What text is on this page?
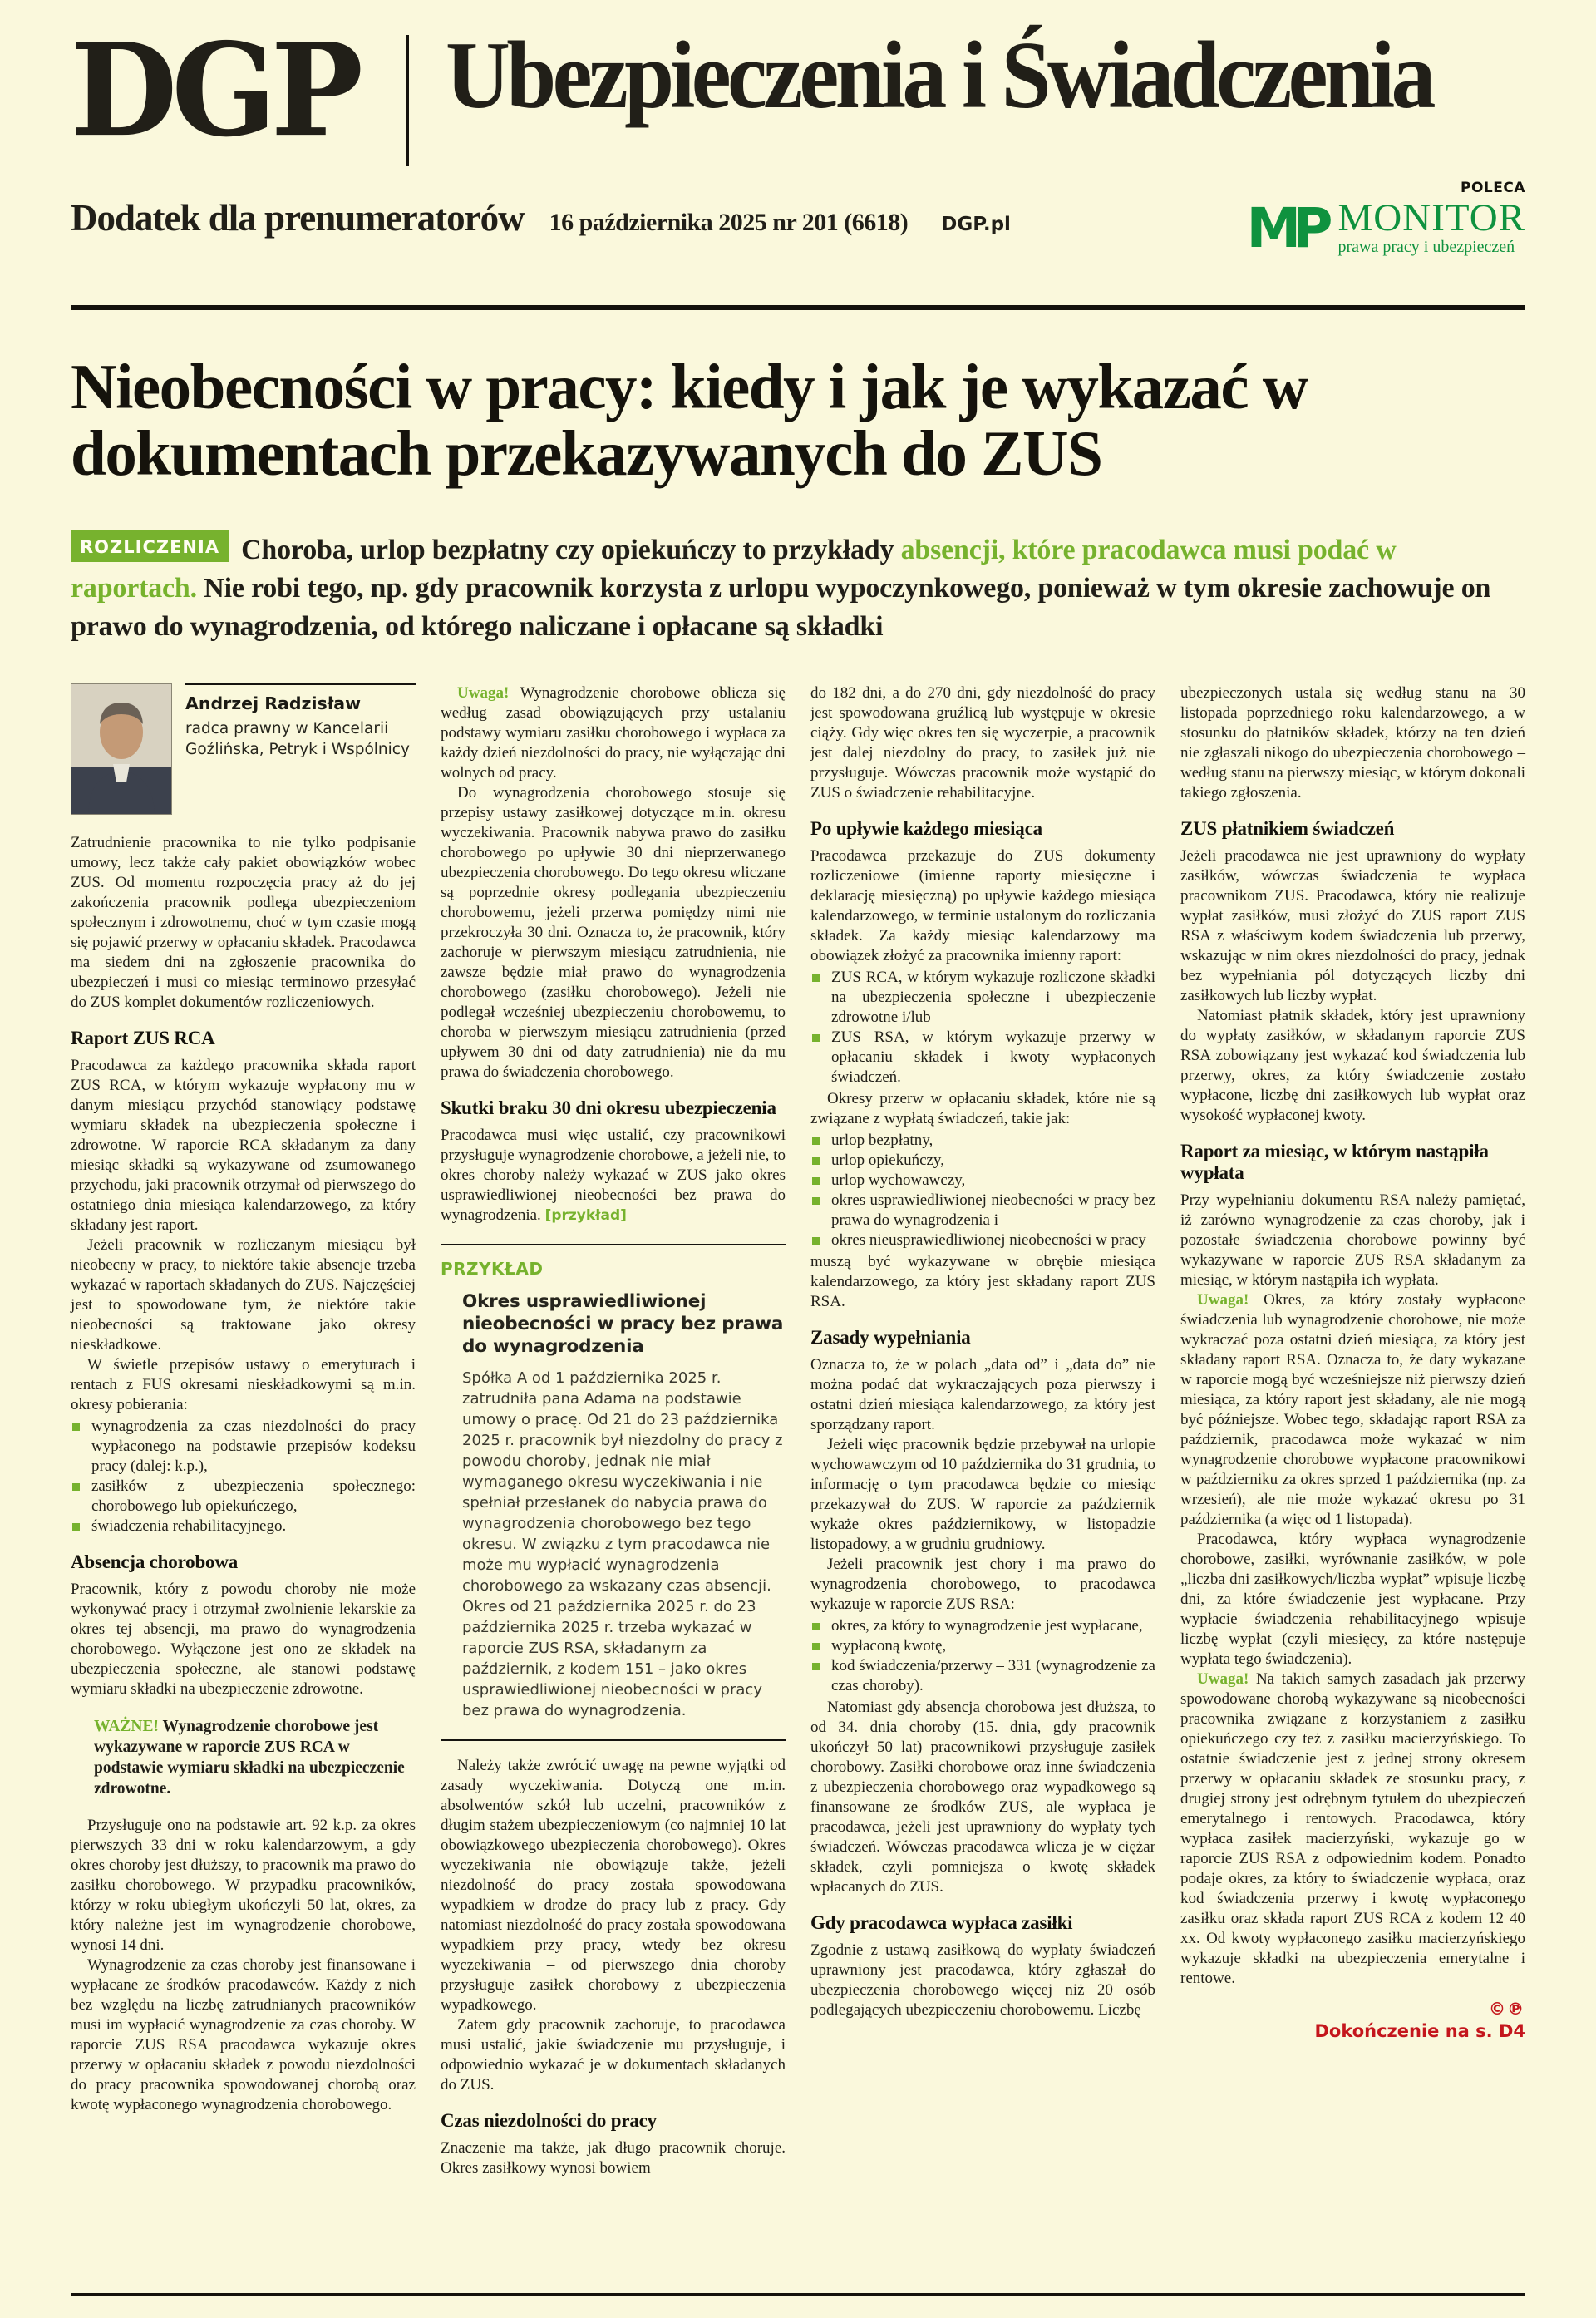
DGP Ubezpieczenia i Świadczenia
Dodatek dla prenumeratorów 16 października 2025 nr 201 (6618) DGP.pl
POLECA
MP MONITOR
prawa pracy i ubezpieczeń
Nieobecności w pracy: kiedy i jak je wykazać w dokumentach przekazywanych do ZUS

ROZLICZENIA Choroba, urlop bezpłatny czy opiekuńczy to przykłady absencji, które pracodawca musi podać w raportach. Nie robi tego, np. gdy pracownik korzysta z urlopu wypoczynkowego, ponieważ w tym okresie zachowuje on prawo do wynagrodzenia, od którego naliczane i opłacane są składki

Andrzej Radzisław
radca prawny w Kancelarii Goźlińska, Petryk i Wspólnicy

Zatrudnienie pracownika to nie tylko podpisanie umowy, lecz także cały pakiet obowiązków wobec ZUS. Od momentu rozpoczęcia pracy aż do jej zakończenia pracownik podlega ubezpieczeniom społecznym i zdrowotnemu, choć w tym czasie mogą się pojawić przerwy w opłacaniu składek. Pracodawca ma siedem dni na zgłoszenie pracownika do ubezpieczeń i musi co miesiąc terminowo przesyłać do ZUS komplet dokumentów rozliczeniowych.

Raport ZUS RCA

Pracodawca za każdego pracownika składa raport ZUS RCA, w którym wykazuje wypłacony mu w danym miesiącu przychód stanowiący podstawę wymiaru składek na ubezpieczenia społeczne i zdrowotne. W raporcie RCA składanym za dany miesiąc składki są wykazywane od zsumowanego przychodu, jaki pracownik otrzymał od pierwszego do ostatniego dnia miesiąca kalendarzowego, za który składany jest raport.

Jeżeli pracownik w rozliczanym miesiącu był nieobecny w pracy, to niektóre takie absencje trzeba wykazać w raportach składanych do ZUS. Najczęściej jest to spowodowane tym, że niektóre takie nieobecności są traktowane jako okresy nieskładkowe.

W świetle przepisów ustawy o emeryturach i rentach z FUS okresami nieskładkowymi są m.in. okresy pobierania:

wynagrodzenia za czas niezdolności do pracy wypłaconego na podstawie przepisów kodeksu pracy (dalej: k.p.),
zasiłków z ubezpieczenia społecznego: chorobowego lub opiekuńczego,
świadczenia rehabilitacyjnego.
Absencja chorobowa

Pracownik, który z powodu choroby nie może wykonywać pracy i otrzymał zwolnienie lekarskie za okres tej absencji, ma prawo do wynagrodzenia chorobowego. Wyłączone jest ono ze składek na ubezpieczenia społeczne, ale stanowi podstawę wymiaru składki na ubezpieczenie zdrowotne.

WAŻNE! Wynagrodzenie chorobowe jest wykazywane w raporcie ZUS RCA w podstawie wymiaru składki na ubezpieczenie zdrowotne.

Przysługuje ono na podstawie art. 92 k.p. za okres pierwszych 33 dni w roku kalendarzowym, a gdy okres choroby jest dłuższy, to pracownik ma prawo do zasiłku chorobowego. W przypadku pracowników, którzy w roku ubiegłym ukończyli 50 lat, okres, za który należne jest im wynagrodzenie chorobowe, wynosi 14 dni.

Wynagrodzenie za czas choroby jest finansowane i wypłacane ze środków pracodawców. Każdy z nich bez względu na liczbę zatrudnianych pracowników musi im wypłacić wynagrodzenie za czas choroby. W raporcie ZUS RSA pracodawca wykazuje okres przerwy w opłacaniu składek z powodu niezdolności do pracy pracownika spowodowanej chorobą oraz kwotę wypłaconego wynagrodzenia chorobowego.

Uwaga! Wynagrodzenie chorobowe oblicza się według zasad obowiązujących przy ustalaniu podstawy wymiaru zasiłku chorobowego i wypłaca za każdy dzień niezdolności do pracy, nie wyłączając dni wolnych od pracy.

Do wynagrodzenia chorobowego stosuje się przepisy ustawy zasiłkowej dotyczące m.in. okresu wyczekiwania. Pracownik nabywa prawo do zasiłku chorobowego po upływie 30 dni nieprzerwanego ubezpieczenia chorobowego. Do tego okresu wliczane są poprzednie okresy podlegania ubezpieczeniu chorobowemu, jeżeli przerwa pomiędzy nimi nie przekroczyła 30 dni. Oznacza to, że pracownik, który zachoruje w pierwszym miesiącu zatrudnienia, nie zawsze będzie miał prawo do wynagrodzenia chorobowego (zasiłku chorobowego). Jeżeli nie podlegał wcześniej ubezpieczeniu chorobowemu, to choroba w pierwszym miesiącu zatrudnienia (przed upływem 30 dni od daty zatrudnienia) nie da mu prawa do świadczenia chorobowego.

Skutki braku 30 dni okresu ubezpieczenia

Pracodawca musi więc ustalić, czy pracownikowi przysługuje wynagrodzenie chorobowe, a jeżeli nie, to okres choroby należy wykazać w ZUS jako okres usprawiedliwionej nieobecności bez prawa do wynagrodzenia. [przykład]

PRZYKŁAD
Okres usprawiedliwionej nieobecności w pracy bez prawa do wynagrodzenia

Spółka A od 1 października 2025 r. zatrudniła pana Adama na podstawie umowy o pracę. Od 21 do 23 października 2025 r. pracownik był niezdolny do pracy z powodu choroby, jednak nie miał wymaganego okresu wyczekiwania i nie spełniał przesłanek do nabycia prawa do wynagrodzenia chorobowego bez tego okresu. W związku z tym pracodawca nie może mu wypłacić wynagrodzenia chorobowego za wskazany czas absencji. Okres od 21 października 2025 r. do 23 października 2025 r. trzeba wykazać w raporcie ZUS RSA, składanym za październik, z kodem 151 – jako okres usprawiedliwionej nieobecności w pracy bez prawa do wynagrodzenia.

Należy także zwrócić uwagę na pewne wyjątki od zasady wyczekiwania. Dotyczą one m.in. absolwentów szkół lub uczelni, pracowników z długim stażem ubezpieczeniowym (co najmniej 10 lat obowiązkowego ubezpieczenia chorobowego). Okres wyczekiwania nie obowiązuje także, jeżeli niezdolność do pracy została spowodowana wypadkiem w drodze do pracy lub z pracy. Gdy natomiast niezdolność do pracy została spowodowana wypadkiem przy pracy, wtedy bez okresu wyczekiwania – od pierwszego dnia choroby przysługuje zasiłek chorobowy z ubezpieczenia wypadkowego.

Zatem gdy pracownik zachoruje, to pracodawca musi ustalić, jakie świadczenie mu przysługuje, i odpowiednio wykazać je w dokumentach składanych do ZUS.

Czas niezdolności do pracy

Znaczenie ma także, jak długo pracownik choruje. Okres zasiłkowy wynosi bowiem

do 182 dni, a do 270 dni, gdy niezdolność do pracy jest spowodowana gruźlicą lub występuje w okresie ciąży. Gdy więc okres ten się wyczerpie, a pracownik jest dalej niezdolny do pracy, to zasiłek już nie przysługuje. Wówczas pracownik może wystąpić do ZUS o świadczenie rehabilitacyjne.

Po upływie każdego miesiąca

Pracodawca przekazuje do ZUS dokumenty rozliczeniowe (imienne raporty miesięczne i deklarację miesięczną) po upływie każdego miesiąca kalendarzowego, w terminie ustalonym do rozliczania składek. Za każdy miesiąc kalendarzowy ma obowiązek złożyć za pracownika imienny raport:

ZUS RCA, w którym wykazuje rozliczone składki na ubezpieczenia społeczne i ubezpieczenie zdrowotne i/lub
ZUS RSA, w którym wykazuje przerwy w opłacaniu składek i kwoty wypłaconych świadczeń.

Okresy przerw w opłacaniu składek, które nie są związane z wypłatą świadczeń, takie jak:

urlop bezpłatny,
urlop opiekuńczy,
urlop wychowawczy,
okres usprawiedliwionej nieobecności w pracy bez prawa do wynagrodzenia i
okres nieusprawiedliwionej nieobecności w pracy

muszą być wykazywane w obrębie miesiąca kalendarzowego, za który jest składany raport ZUS RSA.

Zasady wypełniania

Oznacza to, że w polach „data od” i „data do” nie można podać dat wykraczających poza pierwszy i ostatni dzień miesiąca kalendarzowego, za który jest sporządzany raport.

Jeżeli więc pracownik będzie przebywał na urlopie wychowawczym od 10 października do 31 grudnia, to informację o tym pracodawca będzie co miesiąc przekazywał do ZUS. W raporcie za październik wykaże okres październikowy, w listopadzie listopadowy, a w grudniu grudniowy.

Jeżeli pracownik jest chory i ma prawo do wynagrodzenia chorobowego, to pracodawca wykazuje w raporcie ZUS RSA:

okres, za który to wynagrodzenie jest wypłacane,
wypłaconą kwotę,
kod świadczenia/przerwy – 331 (wynagrodzenie za czas choroby).

Natomiast gdy absencja chorobowa jest dłuższa, to od 34. dnia choroby (15. dnia, gdy pracownik ukończył 50 lat) pracownikowi przysługuje zasiłek chorobowy. Zasiłki chorobowe oraz inne świadczenia z ubezpieczenia chorobowego oraz wypadkowego są finansowane ze środków ZUS, ale wypłaca je pracodawca, jeżeli jest uprawniony do wypłaty tych świadczeń. Wówczas pracodawca wlicza je w ciężar składek, czyli pomniejsza o kwotę składek wpłacanych do ZUS.

Gdy pracodawca wypłaca zasiłki

Zgodnie z ustawą zasiłkową do wypłaty świadczeń uprawniony jest pracodawca, który zgłaszał do ubezpieczenia chorobowego więcej niż 20 osób podlegających ubezpieczeniu chorobowemu. Liczbę

ubezpieczonych ustala się według stanu na 30 listopada poprzedniego roku kalendarzowego, a w stosunku do płatników składek, którzy na ten dzień nie zgłaszali nikogo do ubezpieczenia chorobowego – według stanu na pierwszy miesiąc, w którym dokonali takiego zgłoszenia.

ZUS płatnikiem świadczeń

Jeżeli pracodawca nie jest uprawniony do wypłaty zasiłków, wówczas świadczenia te wypłaca pracownikom ZUS. Pracodawca, który nie realizuje wypłat zasiłków, musi złożyć do ZUS raport ZUS RSA z właściwym kodem świadczenia lub przerwy, wskazując w nim okres niezdolności do pracy, jednak bez wypełniania pól dotyczących liczby dni zasiłkowych lub liczby wypłat.

Natomiast płatnik składek, który jest uprawniony do wypłaty zasiłków, w składanym raporcie ZUS RSA zobowiązany jest wykazać kod świadczenia lub przerwy, okres, za który świadczenie zostało wypłacone, liczbę dni zasiłkowych lub wypłat oraz wysokość wypłaconej kwoty.

Raport za miesiąc, w którym nastąpiła wypłata

Przy wypełnianiu dokumentu RSA należy pamiętać, iż zarówno wynagrodzenie za czas choroby, jak i pozostałe świadczenia chorobowe powinny być wykazywane w raporcie ZUS RSA składanym za miesiąc, w którym nastąpiła ich wypłata.

Uwaga! Okres, za który zostały wypłacone świadczenia lub wynagrodzenie chorobowe, nie może wykraczać poza ostatni dzień miesiąca, za który jest składany raport RSA. Oznacza to, że daty wykazane w raporcie mogą być wcześniejsze niż pierwszy dzień miesiąca, za który raport jest składany, ale nie mogą być późniejsze. Wobec tego, składając raport RSA za październik, pracodawca może wykazać w nim wynagrodzenie chorobowe wypłacone pracownikowi w październiku za okres sprzed 1 października (np. za wrzesień), ale nie może wykazać okresu po 31 października (a więc od 1 listopada).

Pracodawca, który wypłaca wynagrodzenie chorobowe, zasiłki, wyrównanie zasiłków, w pole „liczba dni zasiłkowych/liczba wypłat” wpisuje liczbę dni, za które świadczenie jest wypłacane. Przy wypłacie świadczenia rehabilitacyjnego wpisuje liczbę wypłat (czyli miesięcy, za które następuje wypłata tego świadczenia).

Uwaga! Na takich samych zasadach jak przerwy spowodowane chorobą wykazywane są nieobecności pracownika związane z korzystaniem z zasiłku opiekuńczego czy też z zasiłku macierzyńskiego. To ostatnie świadczenie jest z jednej strony okresem przerwy w opłacaniu składek ze stosunku pracy, z drugiej strony jest odrębnym tytułem do ubezpieczeń emerytalnego i rentowych. Pracodawca, który wypłaca zasiłek macierzyński, wykazuje go w raporcie ZUS RSA z odpowiednim kodem. Ponadto podaje okres, za który to świadczenie wypłaca, oraz kod świadczenia przerwy i kwotę wypłaconego zasiłku oraz składa raport ZUS RCA z kodem 12 40 xx. Od kwoty wypłaconego zasiłku macierzyńskiego wykazuje składki na ubezpieczenia emerytalne i rentowe.

©℗
Dokończenie na s. D4
